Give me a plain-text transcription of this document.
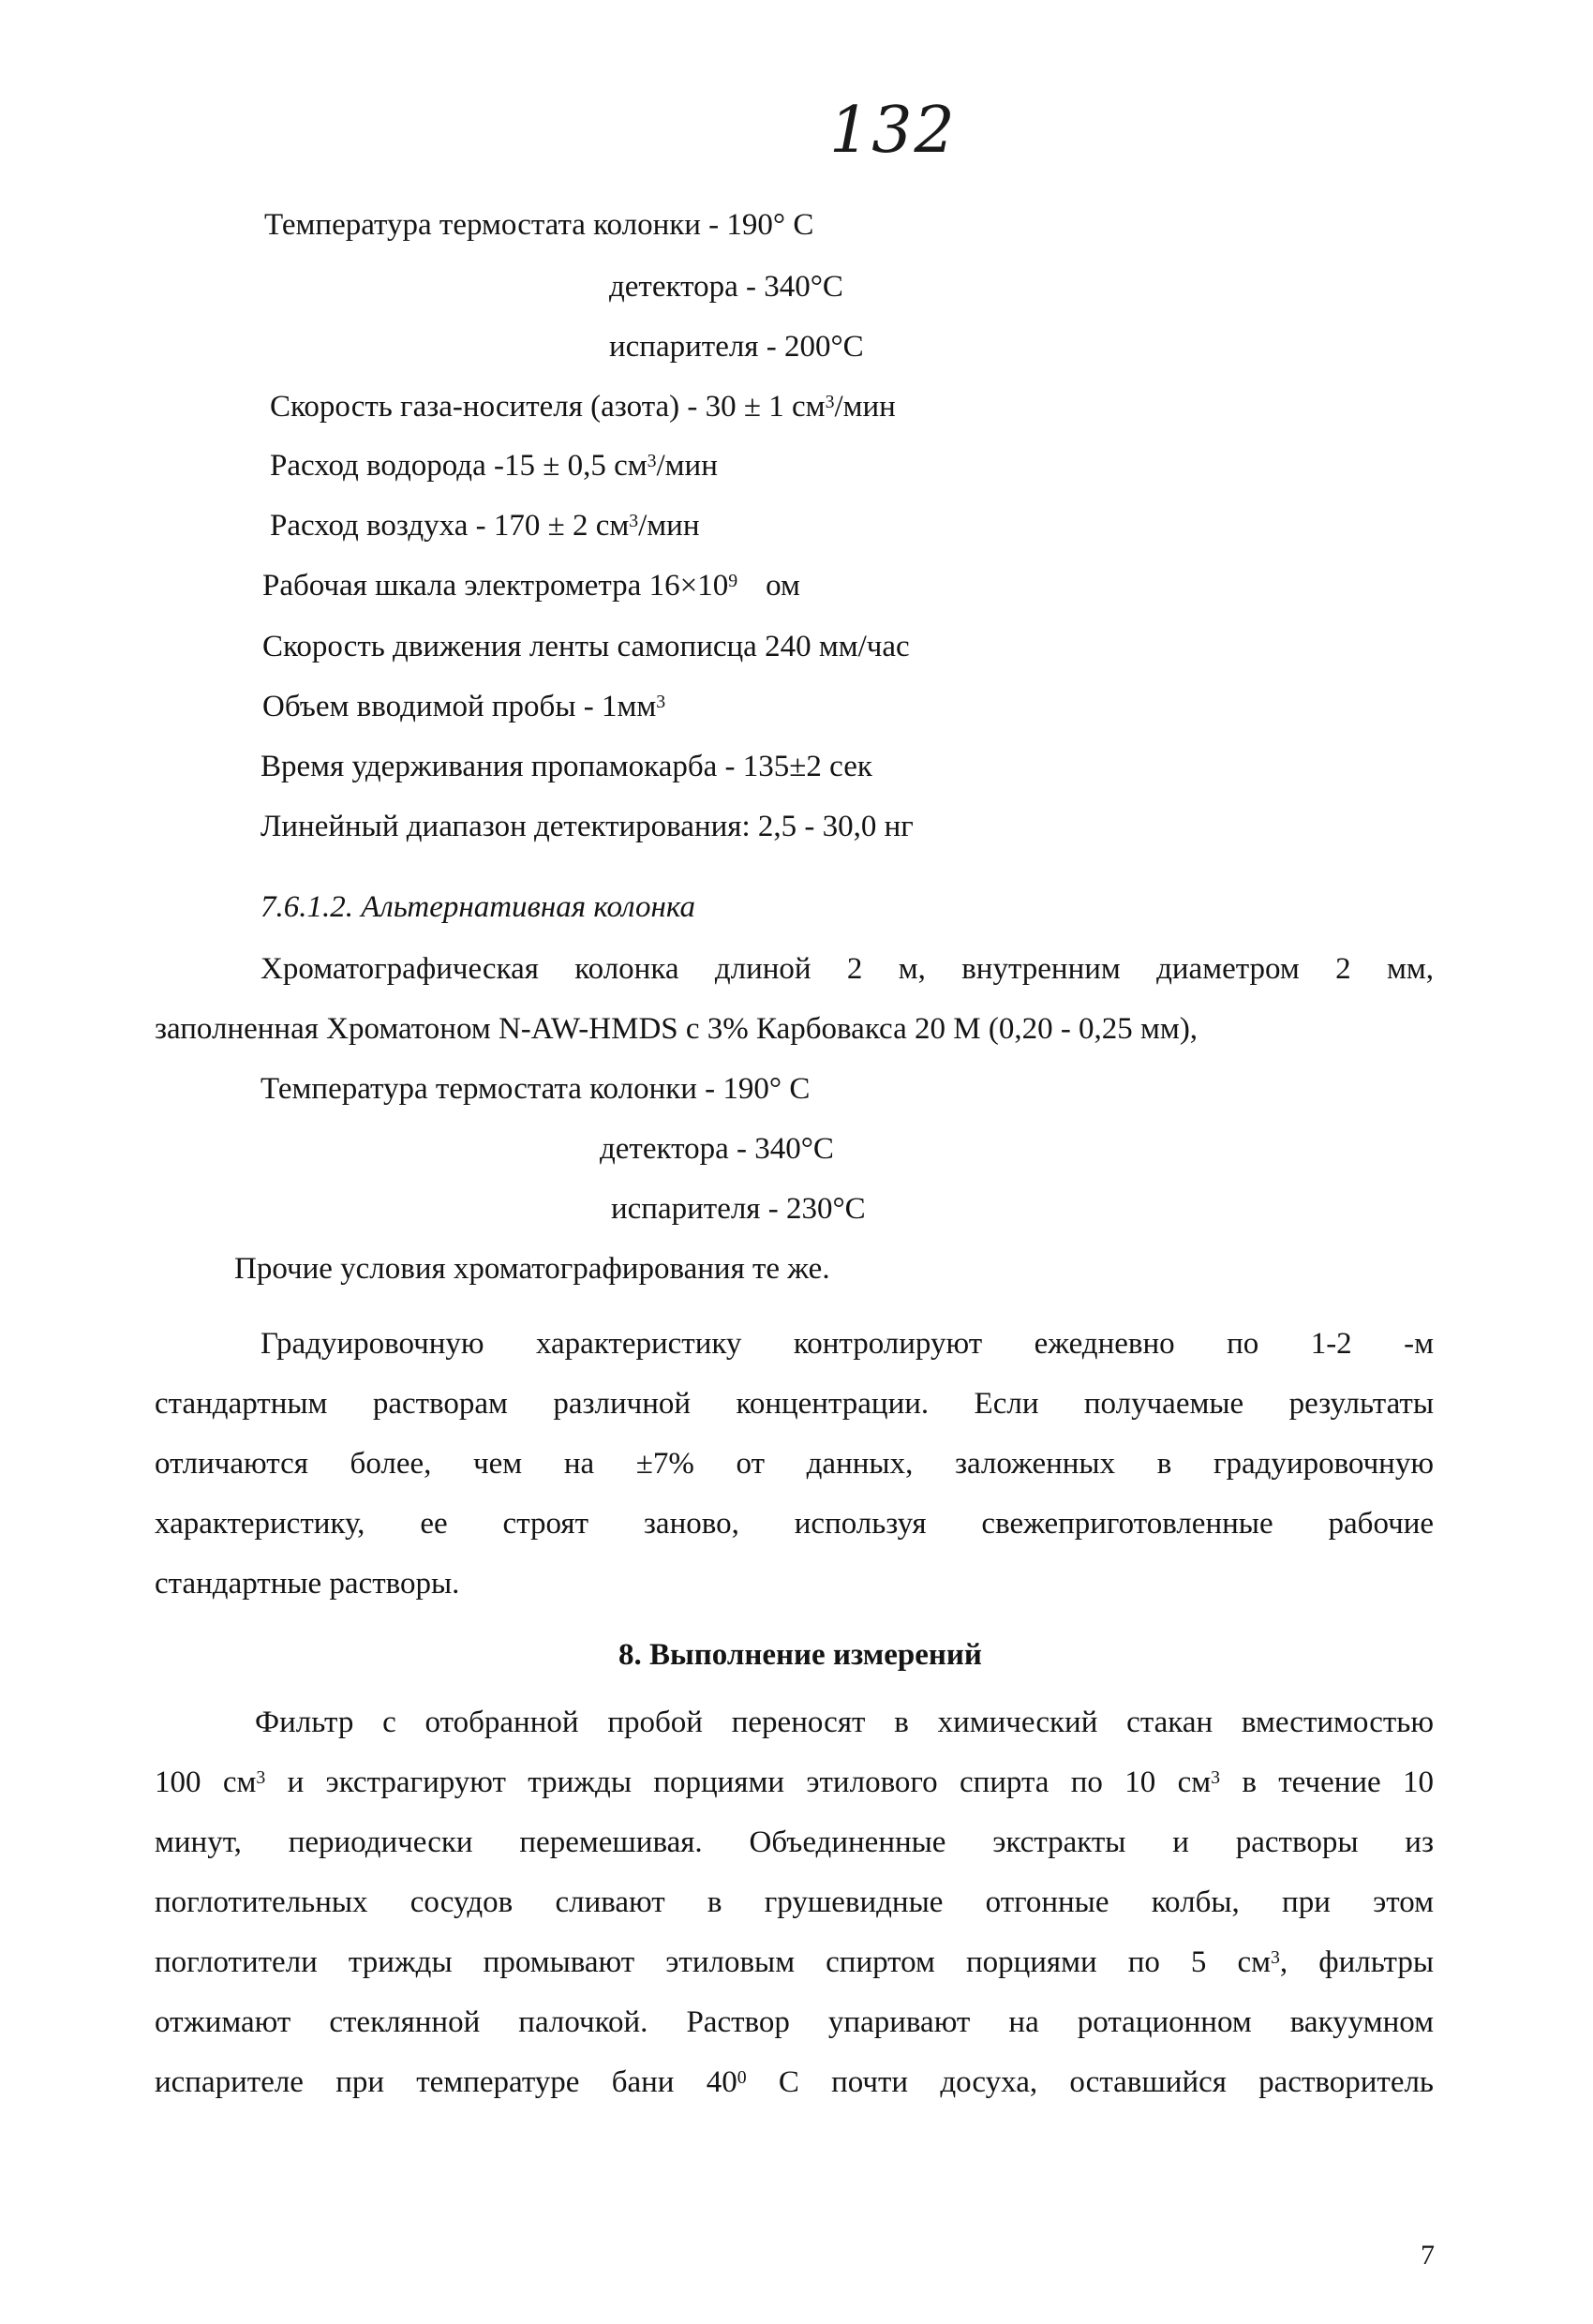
132
Температура термостата колонки - 190° С
детектора - 340°С
испарителя - 200°С
Скорость газа-носителя (азота) - 30 ± 1 $см^3$/мин
Расход водорода -15 ± 0,5 $см^3$/мин
Расход воздуха - 170 ± 2 $см^3$/мин
Рабочая шкала электрометра $16\times 10^9$ ом
Скорость движения ленты самописца 240 мм/час
Объем вводимой пробы - $1мм^3$
Время удерживания пропамокарба - 135±2 сек
Линейный диапазон детектирования: 2,5 - 30,0 нг
7.6.1.2. Альтернативная колонка
Хроматографическая колонка длиной 2 м, внутренним диаметром 2 мм,
заполненная Хроматоном N-AW-HMDS с 3% Карбовакса 20 М (0,20 - 0,25 мм),
Температура термостата колонки - 190° С
детектора - 340°С
испарителя - 230°С
Прочие условия хроматографирования те же.
Градуировочную характеристику контролируют ежедневно по 1-2 -м
стандартным растворам различной концентрации. Если получаемые результаты
отличаются более, чем на ±7% от данных, заложенных в градуировочную
характеристику, ее строят заново, используя свежеприготовленные рабочие
стандартные растворы.
8. Выполнение измерений
Фильтр с отобранной пробой переносят в химический стакан вместимостью
100 $см^3$ и экстрагируют трижды порциями этилового спирта по 10 $см^3$ в течение 10
минут, периодически перемешивая. Объединенные экстракты и растворы из
поглотительных сосудов сливают в грушевидные отгонные колбы, при этом
поглотители трижды промывают этиловым спиртом порциями по 5 $см^3$, фильтры
отжимают стеклянной палочкой. Раствор упаривают на ротационном вакуумном
испарителе при температуре бани $40^0$ С почти досуха, оставшийся растворитель
7
